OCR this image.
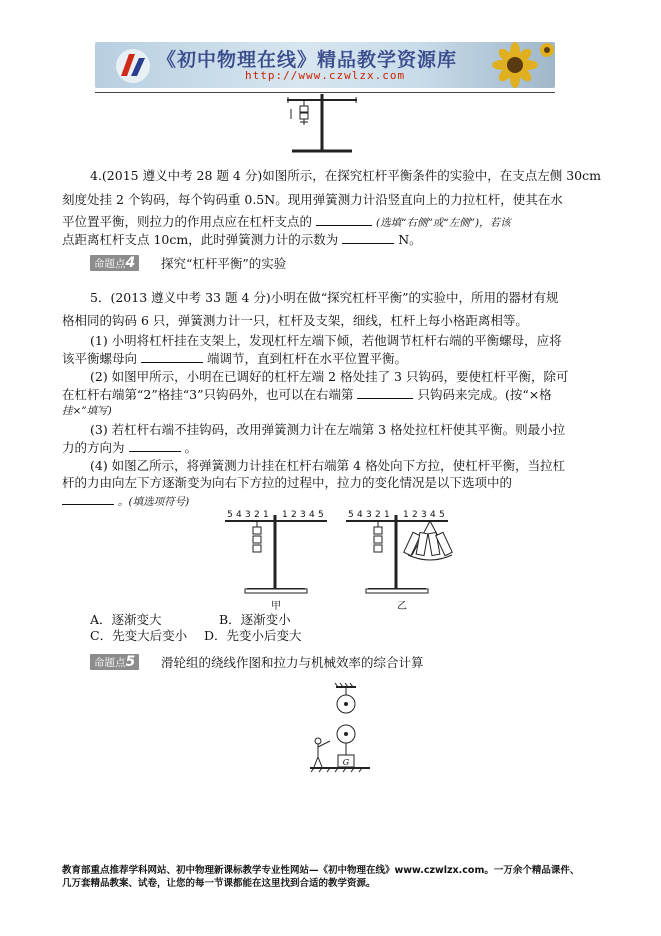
《初中物理在线》精品教学资源库
http://www.czwlzx.com

4.(2015 遵义中考 28 题 4 分)如图所示，在探究杠杆平衡条件的实验中，在支点左侧 30cm

刻度处挂 2 个钩码，每个钩码重 0.5N。现用弹簧测力计沿竖直向上的力拉杠杆，使其在水

平位置平衡，则拉力的作用点应在杠杆支点的	(选填“右侧”或“左侧”)，若该

点距离杠杆支点 10cm，此时弹簧测力计的示数为	N。

命题点4	探究“杠杆平衡”的实验

5．(2013 遵义中考 33 题 4 分)小明在做“探究杠杆平衡”的实验中，所用的器材有规

格相同的钩码 6 只，弹簧测力计一只，杠杆及支架，细线，杠杆上每小格距离相等。

(1) 小明将杠杆挂在支架上，发现杠杆左端下倾，若他调节杠杆右端的平衡螺母，应将

该平衡螺母向	端调节，直到杠杆在水平位置平衡。

(2) 如图甲所示，小明在已调好的杠杆左端 2 格处挂了 3 只钩码，要使杠杆平衡，除可

在杠杆右端第“2”格挂“3”只钩码外，也可以在右端第	只钩码来完成。(按“×格

挂×”填写)

(3) 若杠杆右端不挂钩码，改用弹簧测力计在左端第 3 格处拉杠杆使其平衡。则最小拉

力的方向为	。

(4) 如图乙所示，将弹簧测力计挂在杠杆右端第 4 格处向下方拉，使杠杆平衡，当拉杠

杆的力由向左下方逐渐变为向右下方拉的过程中，拉力的变化情况是以下选项中的

。(填选项符号)

5 4 3 2 1 1 2 3 4 5
甲
5 4 3 2 1 1 2 3 4 5
乙

A．逐渐变大	B．逐渐变小

C．先变大后变小 D．先变小后变大

命题点5	滑轮组的绕线作图和拉力与机械效率的综合计算

G
教育部重点推荐学科网站、初中物理新课标教学专业性网站—《初中物理在线》www.czwlzx.com。一万余个精品课件、
几万套精品教案、试卷，让您的每一节课都能在这里找到合适的教学资源。
